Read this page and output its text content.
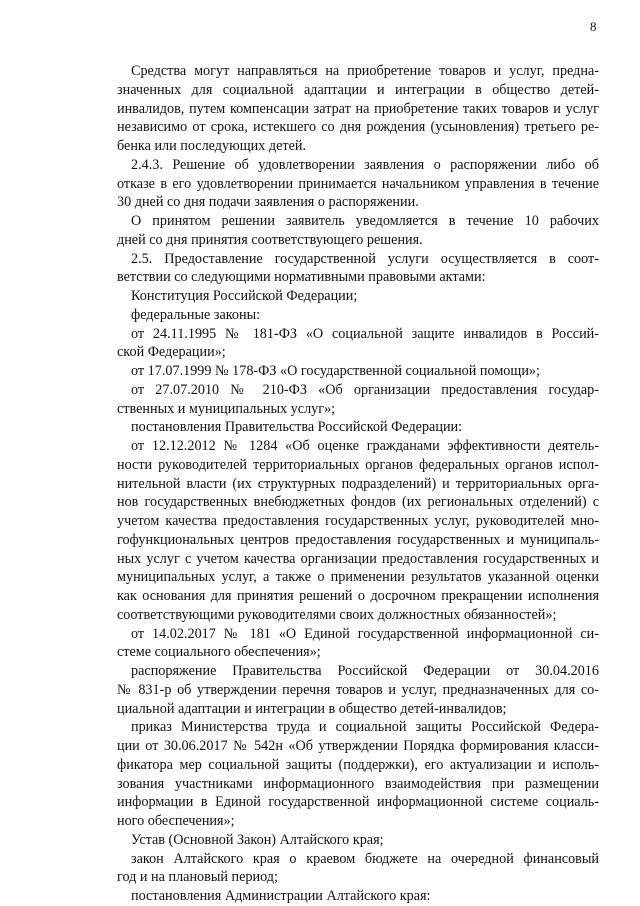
8
Средства могут направляться на приобретение товаров и услуг, предна-
значенных для социальной адаптации и интеграции в общество детей-
инвалидов, путем компенсации затрат на приобретение таких товаров и услуг
независимо от срока, истекшего со дня рождения (усыновления) третьего ре-
бенка или последующих детей.
2.4.3. Решение об удовлетворении заявления о распоряжении либо об
отказе в его удовлетворении принимается начальником управления в течение
30 дней со дня подачи заявления о распоряжении.
О принятом решении заявитель уведомляется в течение 10 рабочих
дней со дня принятия соответствующего решения.
2.5. Предоставление государственной услуги осуществляется в соот-
ветствии со следующими нормативными правовыми актами:
Конституция Российской Федерации;
федеральные законы:
от 24.11.1995 № 181-ФЗ «О социальной защите инвалидов в Россий-
ской Федерации»;
от 17.07.1999 № 178-ФЗ «О государственной социальной помощи»;
от 27.07.2010 № 210-ФЗ «Об организации предоставления государ-
ственных и муниципальных услуг»;
постановления Правительства Российской Федерации:
от 12.12.2012 № 1284 «Об оценке гражданами эффективности деятель-
ности руководителей территориальных органов федеральных органов испол-
нительной власти (их структурных подразделений) и территориальных орга-
нов государственных внебюджетных фондов (их региональных отделений) с
учетом качества предоставления государственных услуг, руководителей мно-
гофункциональных центров предоставления государственных и муниципаль-
ных услуг с учетом качества организации предоставления государственных и
муниципальных услуг, а также о применении результатов указанной оценки
как основания для принятия решений о досрочном прекращении исполнения
соответствующими руководителями своих должностных обязанностей»;
от 14.02.2017 № 181 «О Единой государственной информационной си-
стеме социального обеспечения»;
распоряжение Правительства Российской Федерации от 30.04.2016
№ 831-р об утверждении перечня товаров и услуг, предназначенных для со-
циальной адаптации и интеграции в общество детей-инвалидов;
приказ Министерства труда и социальной защиты Российской Федера-
ции от 30.06.2017 № 542н «Об утверждении Порядка формирования класси-
фикатора мер социальной защиты (поддержки), его актуализации и исполь-
зования участниками информационного взаимодействия при размещении
информации в Единой государственной информационной системе социаль-
ного обеспечения»;
Устав (Основной Закон) Алтайского края;
закон Алтайского края о краевом бюджете на очередной финансовый
год и на плановый период;
постановления Администрации Алтайского края:
